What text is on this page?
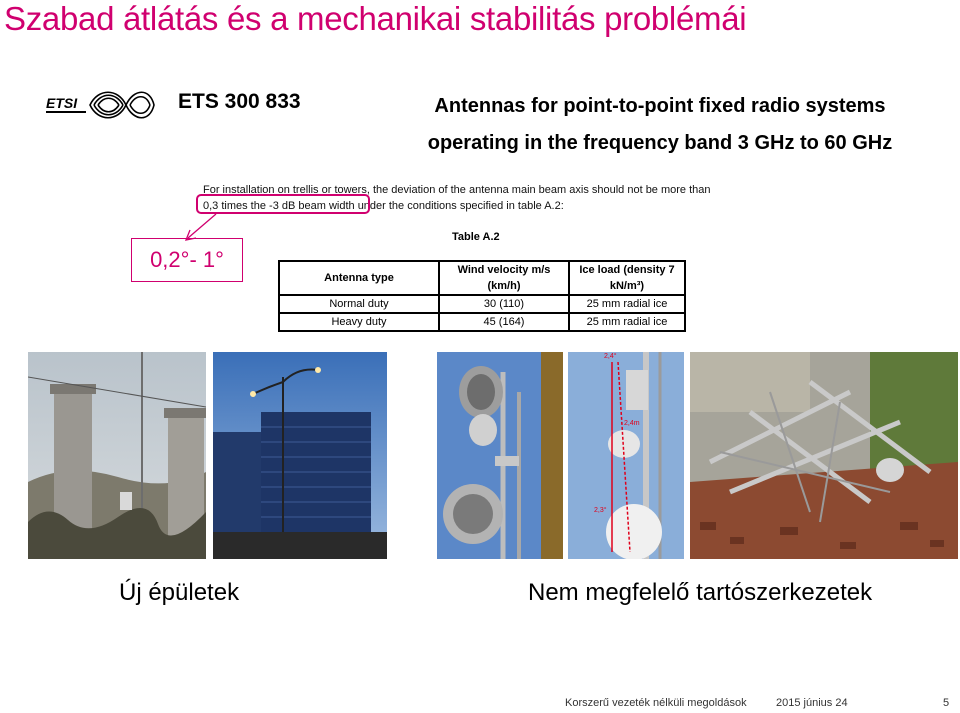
Szabad átlátás és a mechanikai stabilitás problémái
ETSI	ETS 300 833	Antennas for point-to-point fixed radio systems
operating in the frequency band 3 GHz to 60 GHz
For installation on trellis or towers, the deviation of the antenna main beam axis should not be more than
0,3 times the -3 dB beam width under the conditions specified in table A.2:
0,2°- 1°
Table A.2
Antenna type	Wind velocity m/s (km/h)	Ice load (density 7 kN/m³)
Normal duty	30 (110)	25 mm radial ice
Heavy duty	45 (164)	25 mm radial ice
2,4°
2,4m
2,3°
Új épületek	Nem megfelelő tartószerkezetek
Korszerű vezeték nélküli megoldások	2015 június 24	5
